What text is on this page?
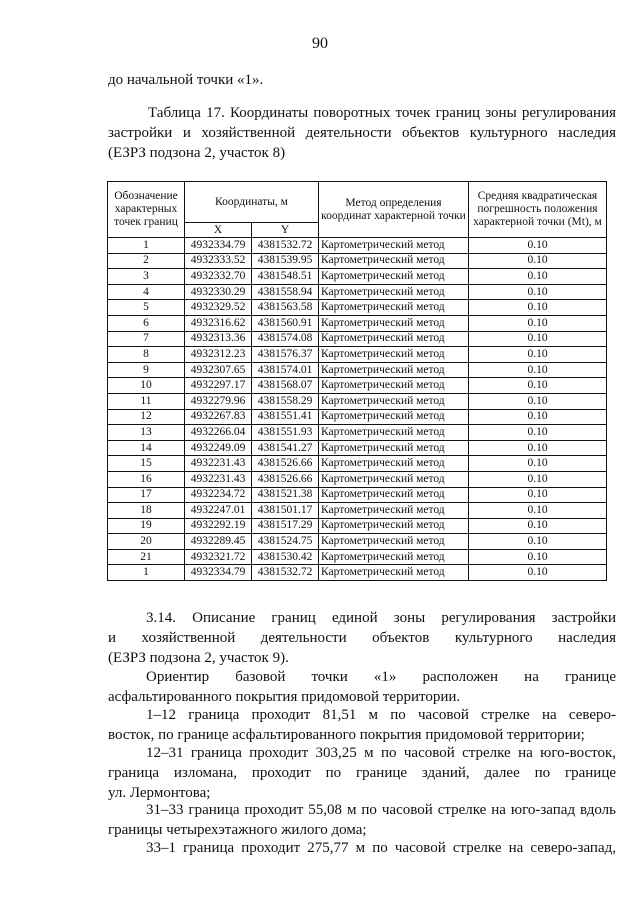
90
до начальной точки «1».
Таблица 17. Координаты поворотных точек границ зоны регулирования
застройки и хозяйственной деятельности объектов культурного наследия
(ЕЗРЗ подзона 2, участок 8)
Обозначение характерных точек границ	Координаты, м		Метод определения координат характерной точки	Средняя квадратическая погрешность положения характерной точки (Mt), м
	X	Y		
1	4932334.79	4381532.72	Картометрический метод	0.10
2	4932333.52	4381539.95	Картометрический метод	0.10
3	4932332.70	4381548.51	Картометрический метод	0.10
4	4932330.29	4381558.94	Картометрический метод	0.10
5	4932329.52	4381563.58	Картометрический метод	0.10
6	4932316.62	4381560.91	Картометрический метод	0.10
7	4932313.36	4381574.08	Картометрический метод	0.10
8	4932312.23	4381576.37	Картометрический метод	0.10
9	4932307.65	4381574.01	Картометрический метод	0.10
10	4932297.17	4381568.07	Картометрический метод	0.10
11	4932279.96	4381558.29	Картометрический метод	0.10
12	4932267.83	4381551.41	Картометрический метод	0.10
13	4932266.04	4381551.93	Картометрический метод	0.10
14	4932249.09	4381541.27	Картометрический метод	0.10
15	4932231.43	4381526.66	Картометрический метод	0.10
16	4932231.43	4381526.66	Картометрический метод	0.10
17	4932234.72	4381521.38	Картометрический метод	0.10
18	4932247.01	4381501.17	Картометрический метод	0.10
19	4932292.19	4381517.29	Картометрический метод	0.10
20	4932289.45	4381524.75	Картометрический метод	0.10
21	4932321.72	4381530.42	Картометрический метод	0.10
1	4932334.79	4381532.72	Картометрический метод	0.10
3.14. Описание границ единой зоны регулирования застройки
и хозяйственной деятельности объектов культурного наследия
(ЕЗРЗ подзона 2, участок 9).
Ориентир базовой точки «1» расположен на границе
асфальтированного покрытия придомовой территории.
1–12 граница проходит 81,51 м по часовой стрелке на северо-
восток, по границе асфальтированного покрытия придомовой территории;
12–31 граница проходит 303,25 м по часовой стрелке на юго-восток,
граница изломана, проходит по границе зданий, далее по границе
ул. Лермонтова;
31–33 граница проходит 55,08 м по часовой стрелке на юго-запад вдоль
границы четырехэтажного жилого дома;
33–1 граница проходит 275,77 м по часовой стрелке на северо-запад,
